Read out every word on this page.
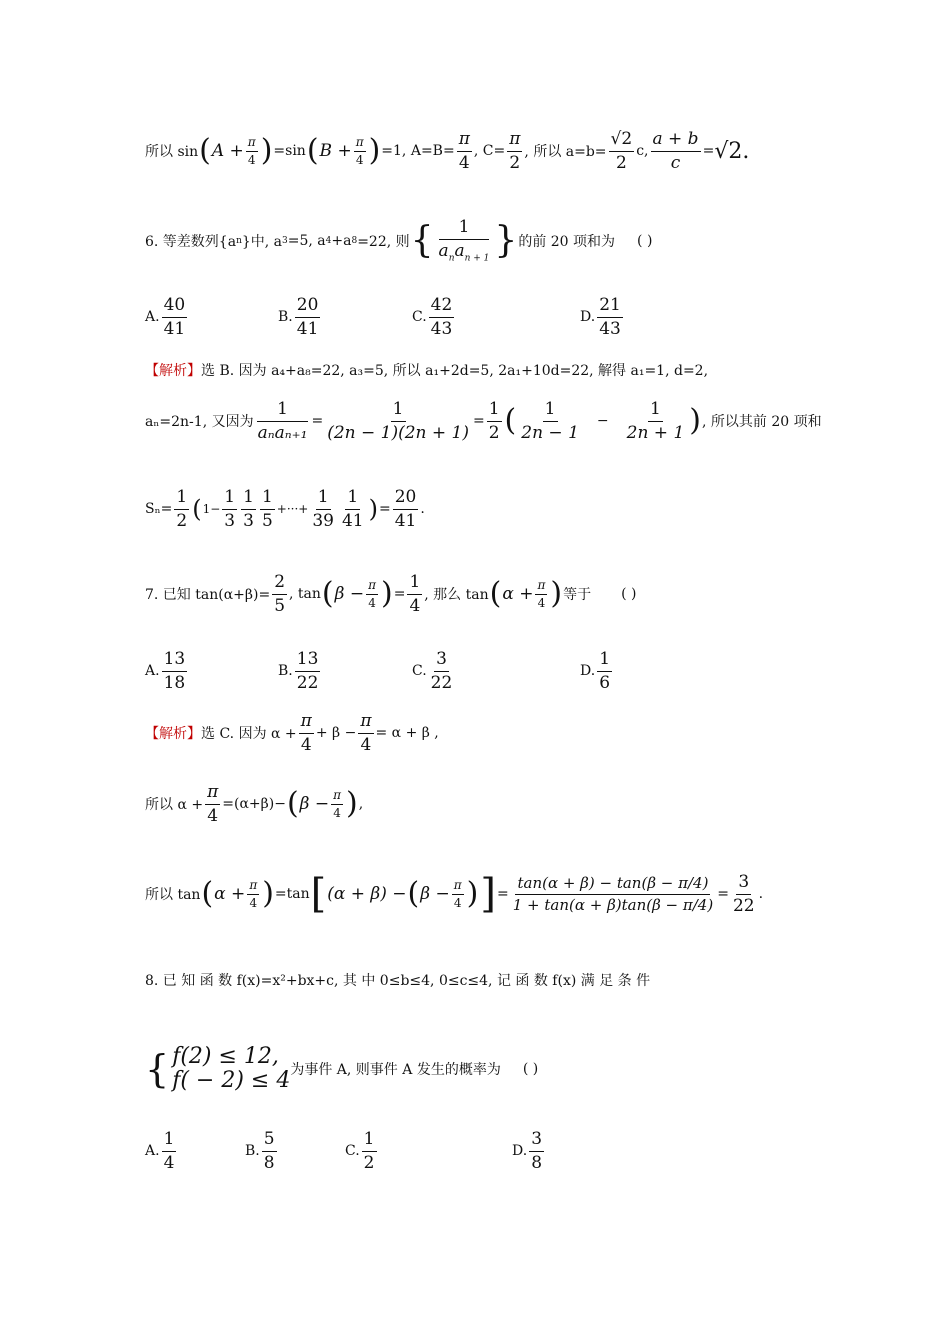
所以 sin ( $A + \frac{\pi}{4}$ ) =sin ( $B + \frac{\pi}{4}$ ) =1, $A=B= \frac{\pi}{4}$ , $C= \frac{\pi}{2}$ , 所以 $a=b= \frac{√2}{2} c$, $\frac{a + b}{c} = √2$.
6. 等差数列{a n }中, a 3 =5, a 4 +a 8 =22, 则 { $\frac{1}{a_na_{n + 1}}$ } 的前 20 项和为 ( )
A. $\frac{40}{41}$	B. $\frac{20}{41}$	C. $\frac{42}{43}$	D. $\frac{21}{43}$
【解析】 选 B. 因为 a₄+a₈=22, a₃=5, 所以 a₁+2d=5, 2a₁+10d=22, 解得 a₁=1, d=2,
aₙ=2n-1, 又因为 $\frac{1}{\text{aₙaₙ₊₁}} = \frac{1}{(2n - 1)(2n + 1)} = \frac{1}{2}$ ( $\frac{1}{2n - 1} - \frac{1}{2n + 1}$ ) , 所以其前 20 项和
$S_n= \frac{1}{2}$ ( $1- \frac{1}{3} \frac{1}{3} \frac{1}{5}$ +···+ $\frac{1}{39} \frac{1}{41}$ ) = $\frac{20}{41}$ .
7. 已知 $\tan(\alpha+\beta)= \frac{2}{5}$ , tan ( $\beta - \frac{\pi}{4}$ ) = $\frac{1}{4}$ , 那么 tan ( $\alpha + \frac{\pi}{4}$ ) 等于 ( )
A. $\frac{13}{18}$	B. $\frac{13}{22}$	C. $\frac{3}{22}$	D. $\frac{1}{6}$
【解析】 选 C. 因为 $\alpha + \frac{\pi}{4} + \beta - \frac{\pi}{4} = \alpha + \beta$ ,
所以 $\alpha + \frac{\pi}{4} =(\alpha+\beta)-$ ( $\beta - \frac{\pi}{4}$ ) ,
所以 tan ( $\alpha + \frac{\pi}{4}$ ) =tan [ (α + β) − ( $\beta - \frac{\pi}{4}$ ) ] = $\frac{\tan(\alpha + \beta) - \tan(\beta - \pi/4)}{1 + \tan(\alpha + \beta)\tan(\beta - \pi/4)} = \frac{3}{22}$ .
8. 已 知 函 数 f(x)=x²+bx+c, 其 中 0≤b≤4, 0≤c≤4, 记 函 数 f(x) 满 足 条 件
{ f(2) ≤ 12,
f( − 2) ≤ 4 为事件 A, 则事件 A 发生的概率为 ( )
A. $\frac{1}{4}$	B. $\frac{5}{8}$	C. $\frac{1}{2}$	D. $\frac{3}{8}$
